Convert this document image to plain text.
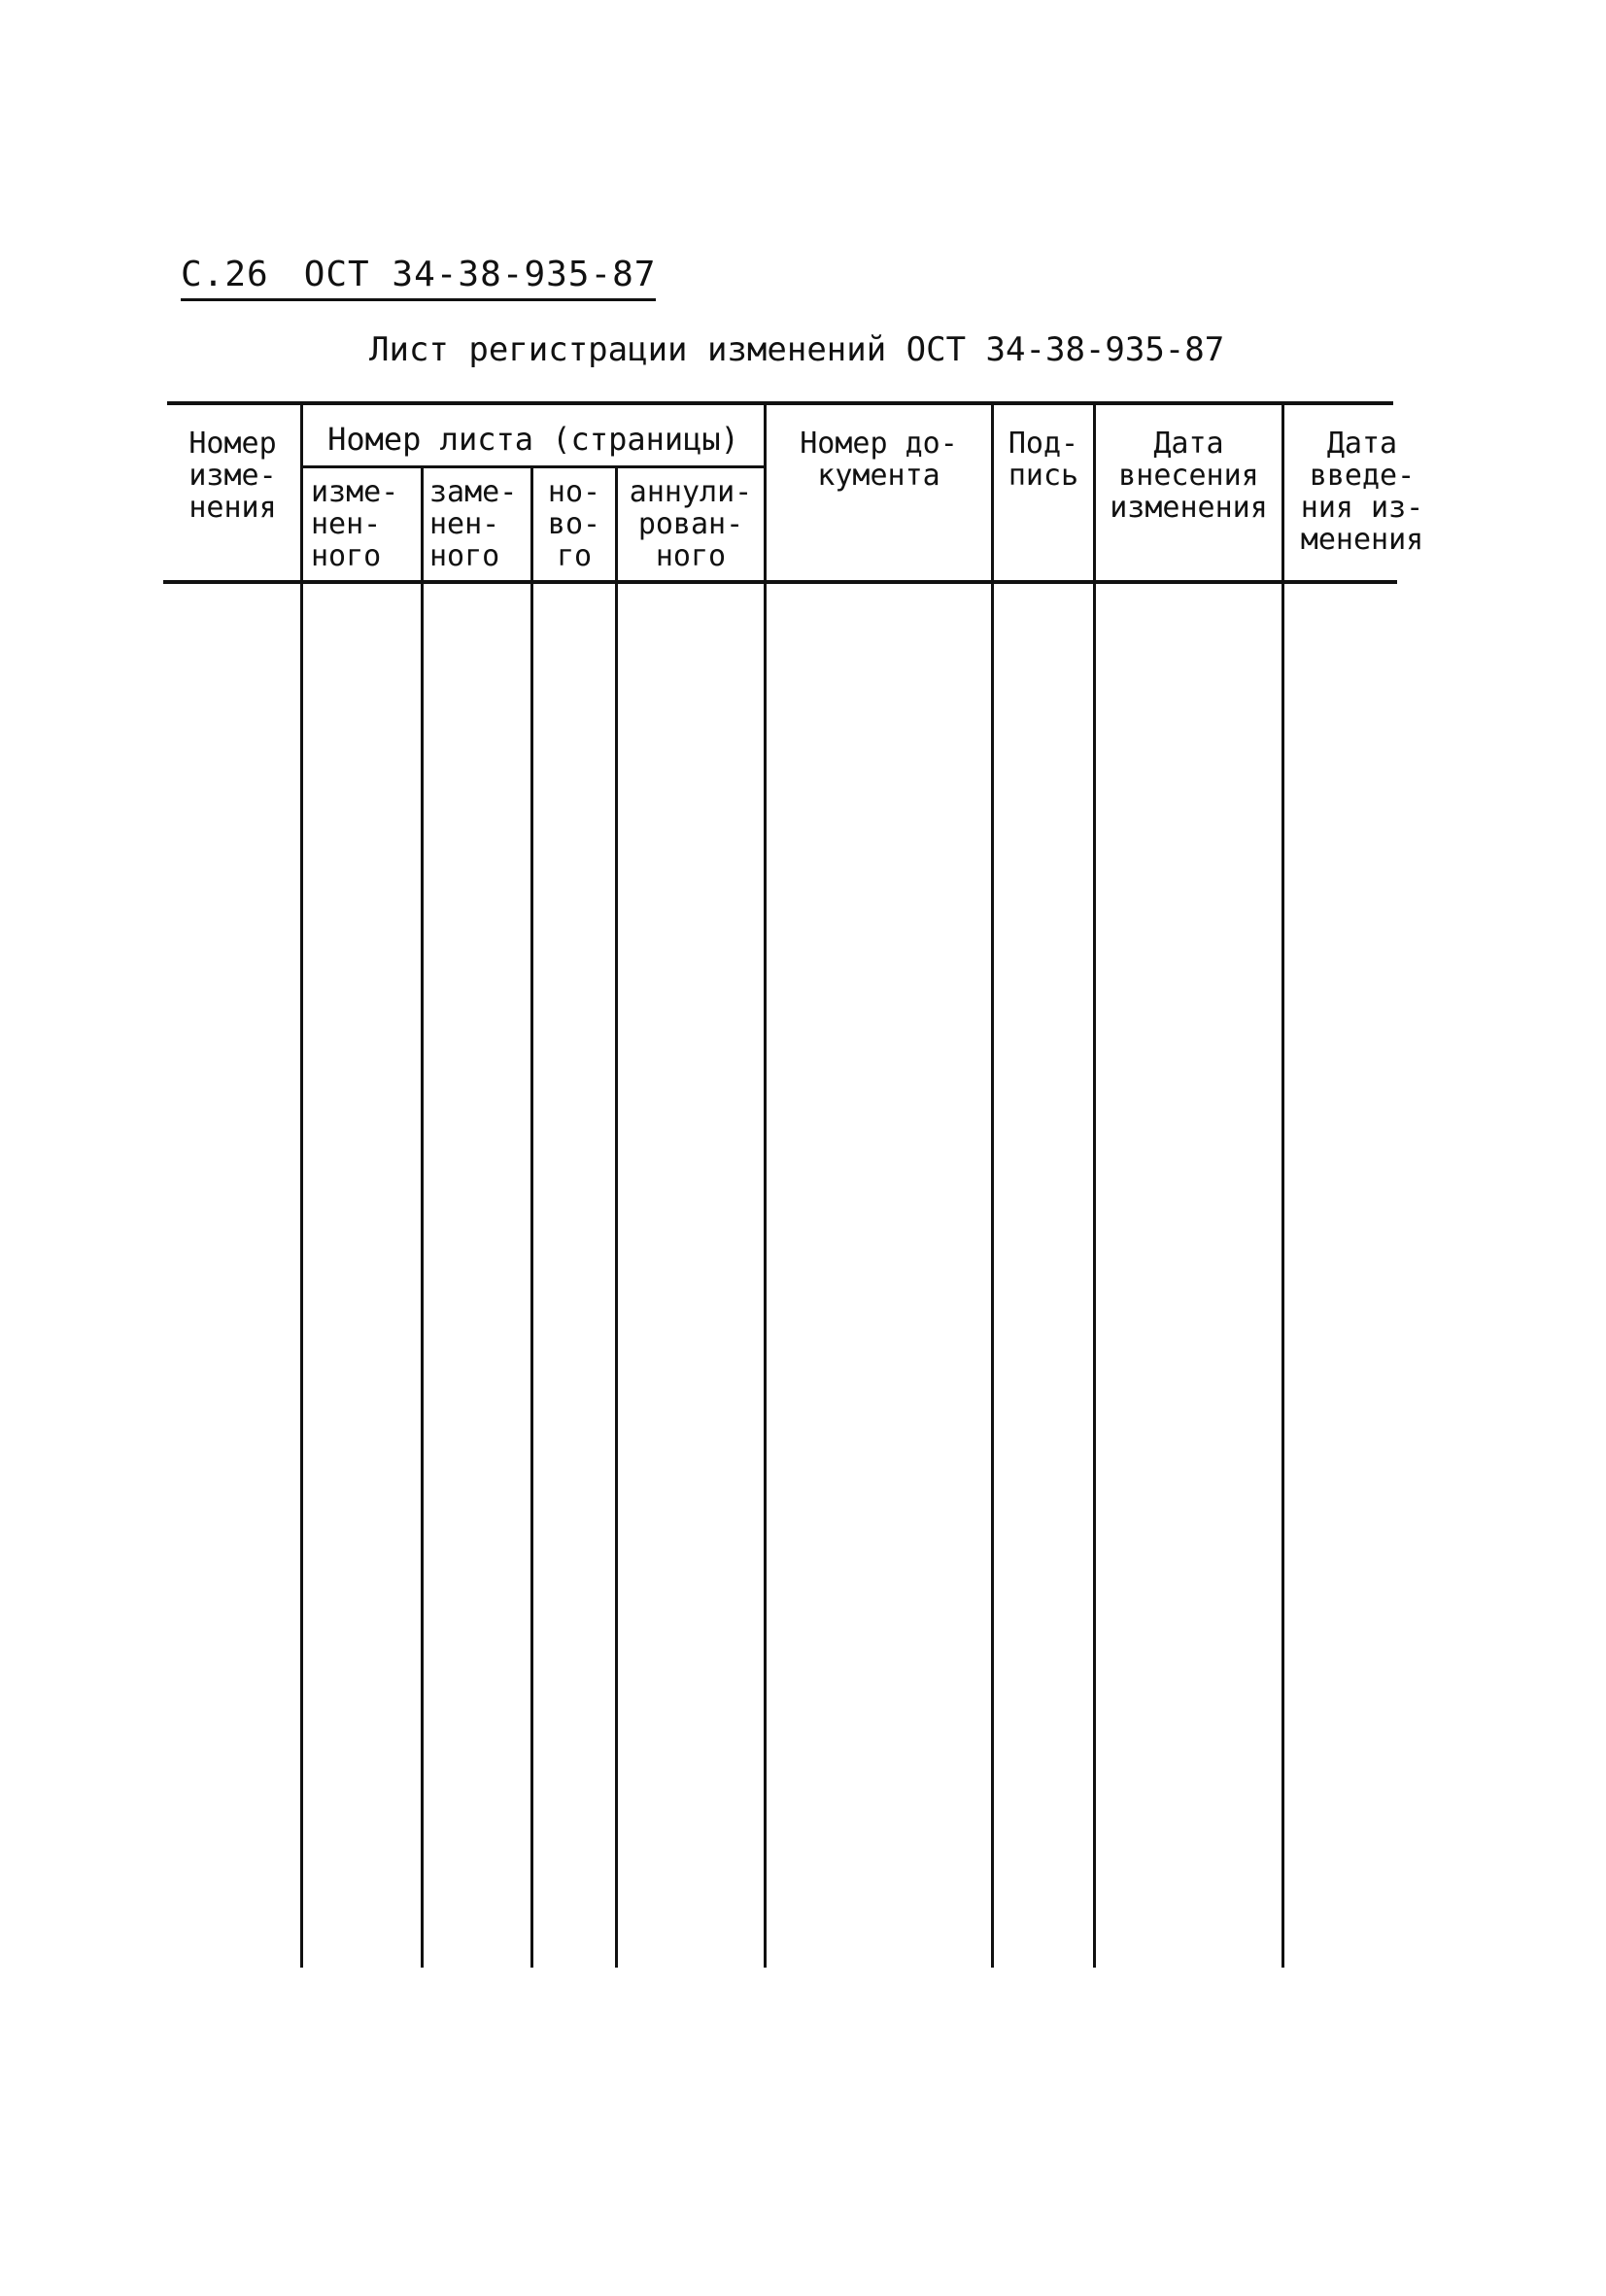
С.26 ОСТ 34-38-935-87
Лист регистрации изменений ОСТ 34-38-935-87
Номер
изме-
нения
Номер листа (страницы)
изме-
нен-
ного
заме-
нен-
ного
но-
во-
го
аннули-
рован-
ного
Номер до-
кумента
Под-
пись
Дата
внесения
изменения
Дата
введе-
ния из-
менения
